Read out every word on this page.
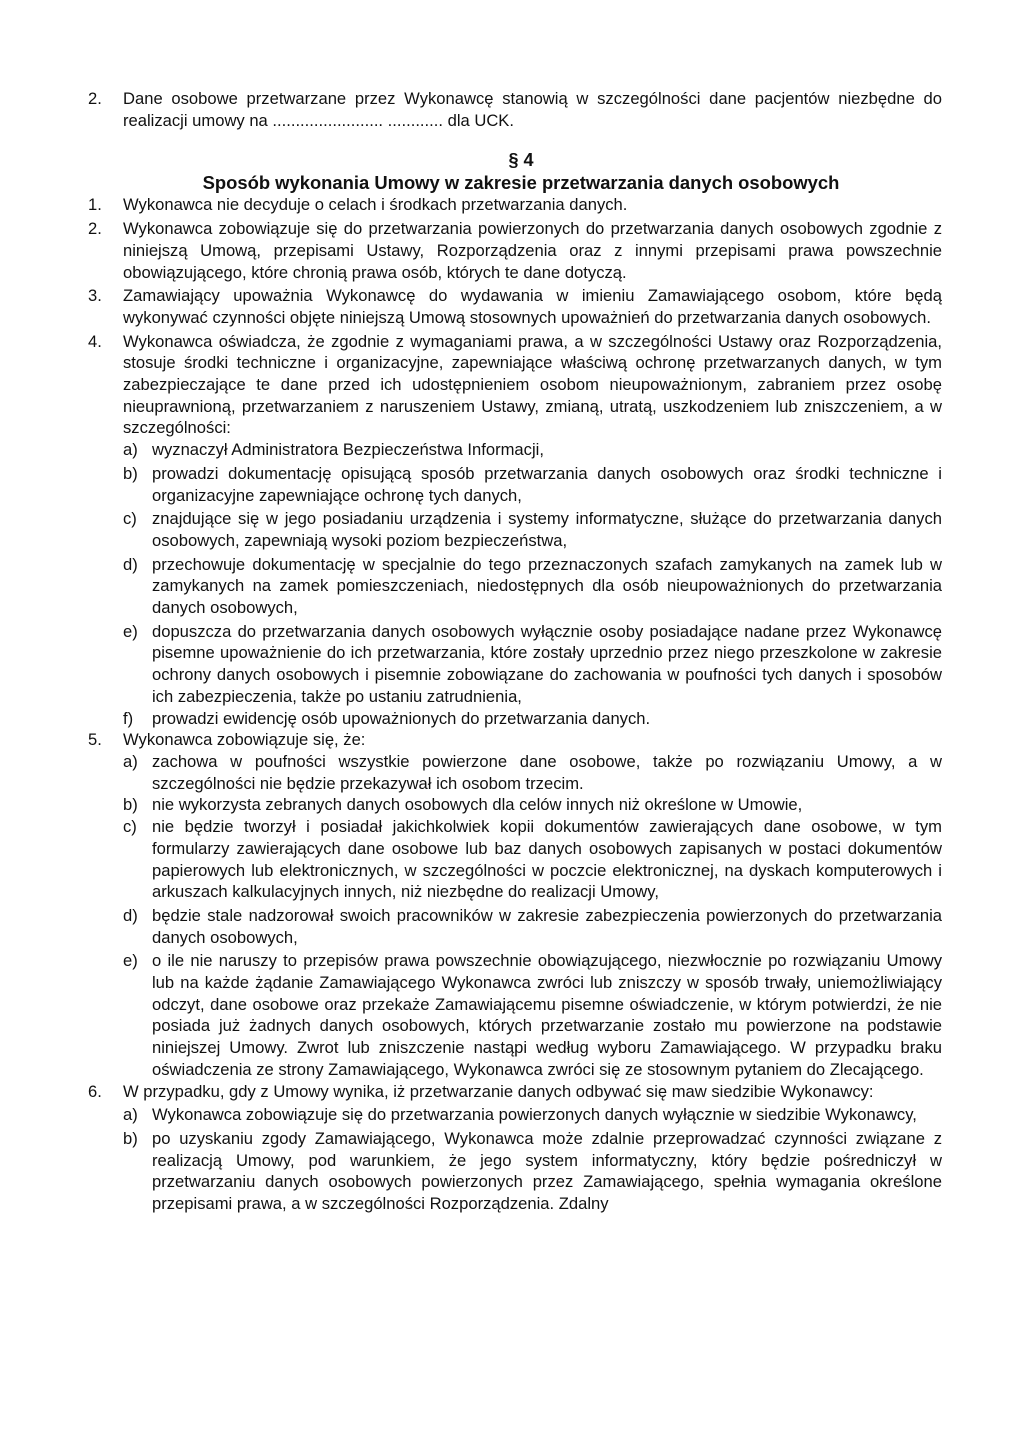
2. Dane osobowe przetwarzane przez Wykonawcę stanowią w szczególności dane pacjentów niezbędne do realizacji umowy na ........................ ............ dla UCK.
§ 4
Sposób wykonania Umowy w zakresie przetwarzania danych osobowych
1. Wykonawca nie decyduje o celach i środkach przetwarzania danych.
2. Wykonawca zobowiązuje się do przetwarzania powierzonych do przetwarzania danych osobowych zgodnie z niniejszą Umową, przepisami Ustawy, Rozporządzenia oraz z innymi przepisami prawa powszechnie obowiązującego, które chronią prawa osób, których te dane dotyczą.
3. Zamawiający upoważnia Wykonawcę do wydawania w imieniu Zamawiającego osobom, które będą wykonywać czynności objęte niniejszą Umową stosownych upoważnień do przetwarzania danych osobowych.
4. Wykonawca oświadcza, że zgodnie z wymaganiami prawa, a w szczególności Ustawy oraz Rozporządzenia, stosuje środki techniczne i organizacyjne, zapewniające właściwą ochronę przetwarzanych danych, w tym zabezpieczające te dane przed ich udostępnieniem osobom nieupoważnionym, zabraniem przez osobę nieuprawnioną, przetwarzaniem z naruszeniem Ustawy, zmianą, utratą, uszkodzeniem lub zniszczeniem, a w szczególności:
a) wyznaczył Administratora Bezpieczeństwa Informacji,
b) prowadzi dokumentację opisującą sposób przetwarzania danych osobowych oraz środki techniczne i organizacyjne zapewniające ochronę tych danych,
c) znajdujące się w jego posiadaniu urządzenia i systemy informatyczne, służące do przetwarzania danych osobowych, zapewniają wysoki poziom bezpieczeństwa,
d) przechowuje dokumentację w specjalnie do tego przeznaczonych szafach zamykanych na zamek lub w zamykanych na zamek pomieszczeniach, niedostępnych dla osób nieupoważnionych do przetwarzania danych osobowych,
e) dopuszcza do przetwarzania danych osobowych wyłącznie osoby posiadające nadane przez Wykonawcę pisemne upoważnienie do ich przetwarzania, które zostały uprzednio przez niego przeszkolone w zakresie ochrony danych osobowych i pisemnie zobowiązane do zachowania w poufności tych danych i sposobów ich zabezpieczenia, także po ustaniu zatrudnienia,
f) prowadzi ewidencję osób upoważnionych do przetwarzania danych.
5. Wykonawca zobowiązuje się, że:
a) zachowa w poufności wszystkie powierzone dane osobowe, także po rozwiązaniu Umowy, a w szczególności nie będzie przekazywał ich osobom trzecim.
b) nie wykorzysta zebranych danych osobowych dla celów innych niż określone w Umowie,
c) nie będzie tworzył i posiadał jakichkolwiek kopii dokumentów zawierających dane osobowe, w tym formularzy zawierających dane osobowe lub baz danych osobowych zapisanych w postaci dokumentów papierowych lub elektronicznych, w szczególności w poczcie elektronicznej, na dyskach komputerowych i arkuszach kalkulacyjnych innych, niż niezbędne do realizacji Umowy,
d) będzie stale nadzorował swoich pracowników w zakresie zabezpieczenia powierzonych do przetwarzania danych osobowych,
e) o ile nie naruszy to przepisów prawa powszechnie obowiązującego, niezwłocznie po rozwiązaniu Umowy lub na każde żądanie Zamawiającego Wykonawca zwróci lub zniszczy w sposób trwały, uniemożliwiający odczyt, dane osobowe oraz przekaże Zamawiającemu pisemne oświadczenie, w którym potwierdzi, że nie posiada już żadnych danych osobowych, których przetwarzanie zostało mu powierzone na podstawie niniejszej Umowy. Zwrot lub zniszczenie nastąpi według wyboru Zamawiającego. W przypadku braku oświadczenia ze strony Zamawiającego, Wykonawca zwróci się ze stosownym pytaniem do Zlecającego.
6. W przypadku, gdy z Umowy wynika, iż przetwarzanie danych odbywać się maw siedzibie Wykonawcy:
a) Wykonawca zobowiązuje się do przetwarzania powierzonych danych wyłącznie w siedzibie Wykonawcy,
b) po uzyskaniu zgody Zamawiającego, Wykonawca może zdalnie przeprowadzać czynności związane z realizacją Umowy, pod warunkiem, że jego system informatyczny, który będzie pośredniczył w przetwarzaniu danych osobowych powierzonych przez Zamawiającego, spełnia wymagania określone przepisami prawa, a w szczególności Rozporządzenia. Zdalny
